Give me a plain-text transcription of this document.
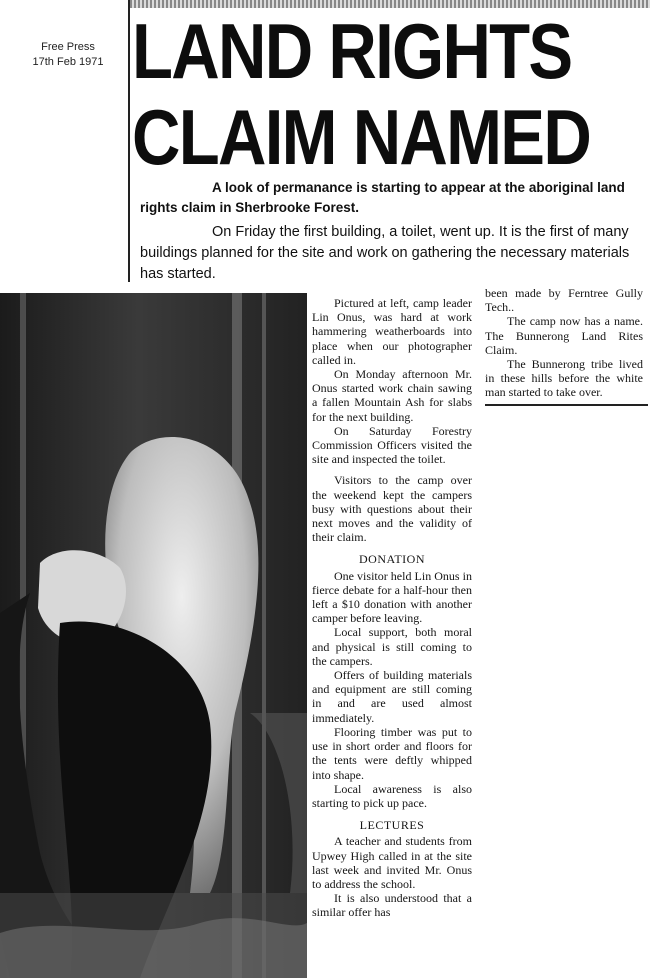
Free Press
17th Feb 1971 LAND RIGHTS
CLAIM NAMED

A look of permanance is starting to appear at the aboriginal land rights claim in Sherbrooke Forest.

On Friday the first building, a toilet, went up. It is the first of many buildings planned for the site and work on gathering the necessary materials has started.

Pictured at left, camp leader Lin Onus, was hard at work hammering weatherboards into place when our photographer called in.

On Monday afternoon Mr. Onus started work chain sawing a fallen Mountain Ash for slabs for the next building.

On Saturday Forestry Commission Officers visited the site and inspected the toilet.

Visitors to the camp over the weekend kept the campers busy with questions about their next moves and the validity of their claim.

DONATION

One visitor held Lin Onus in fierce debate for a half-hour then left a $10 donation with another camper before leaving.

Local support, both moral and physical is still coming to the campers.

Offers of building materials and equipment are still coming in and are used almost immediately.

Flooring timber was put to use in short order and floors for the tents were deftly whipped into shape.

Local awareness is also starting to pick up pace.

LECTURES

A teacher and students from Upwey High called in at the site last week and invited Mr. Onus to address the school.

It is also understood that a similar offer has

been made by Ferntree Gully Tech..

The camp now has a name. The Bunnerong Land Rites Claim.

The Bunnerong tribe lived in these hills before the white man started to take over.
